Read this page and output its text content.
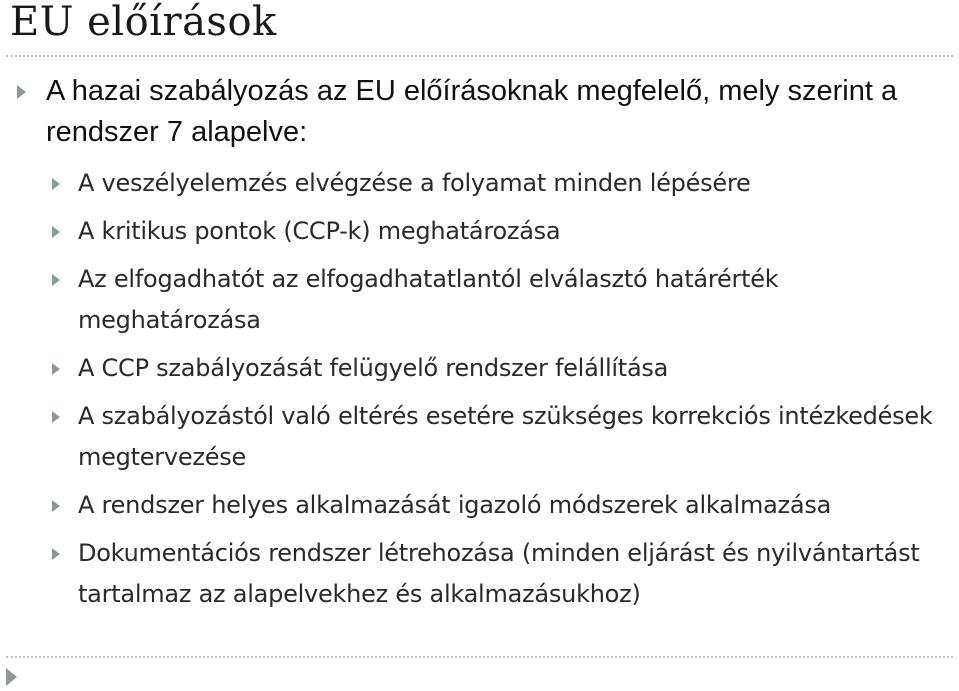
EU előírások

A hazai szabályozás az EU előírásoknak megfelelő, mely szerint a rendszer 7 alapelve:

A veszélyelemzés elvégzése a folyamat minden lépésére
A kritikus pontok (CCP-k) meghatározása
Az elfogadhatót az elfogadhatatlantól elválasztó határérték meghatározása
A CCP szabályozását felügyelő rendszer felállítása
A szabályozástól való eltérés esetére szükséges korrekciós intézkedések megtervezése
A rendszer helyes alkalmazását igazoló módszerek alkalmazása
Dokumentációs rendszer létrehozása (minden eljárást és nyilvántartást tartalmaz az alapelvekhez és alkalmazásukhoz)
